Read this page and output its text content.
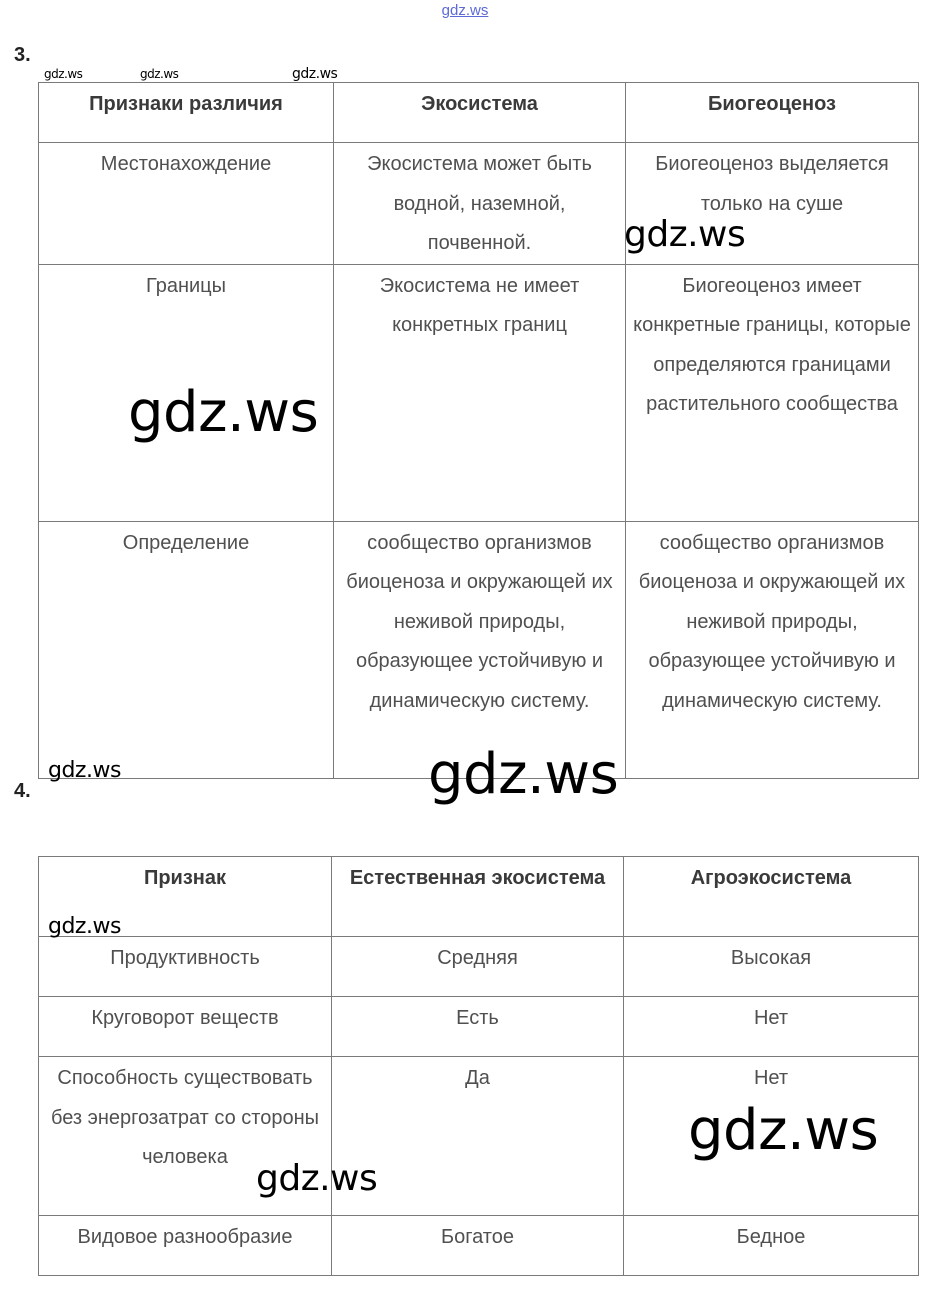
gdz.ws
3.
Признаки различия	Экосистема	Биогеоценоз
Местонахождение	Экосистема может быть водной, наземной, почвенной.	Биогеоценоз выделяется только на суше
Границы	Экосистема не имеет конкретных границ	Биогеоценоз имеет конкретные границы, которые определяются границами растительного сообщества
Определение	сообщество организмов биоценоза и окружающей их неживой природы, образующее устойчивую и динамическую систему.	сообщество организмов биоценоза и окружающей их неживой природы, образующее устойчивую и динамическую систему.
4.
Признак	Естественная экосистема	Агроэкосистема
Продуктивность	Средняя	Высокая
Круговорот веществ	Есть	Нет
Способность существовать без энергозатрат со стороны человека	Да	Нет
Видовое разнообразие	Богатое	Бедное
gdz.ws	gdz.ws	gdz.ws
gdz.ws
gdz.ws
gdz.ws	gdz.ws
gdz.ws
gdz.ws
gdz.ws
